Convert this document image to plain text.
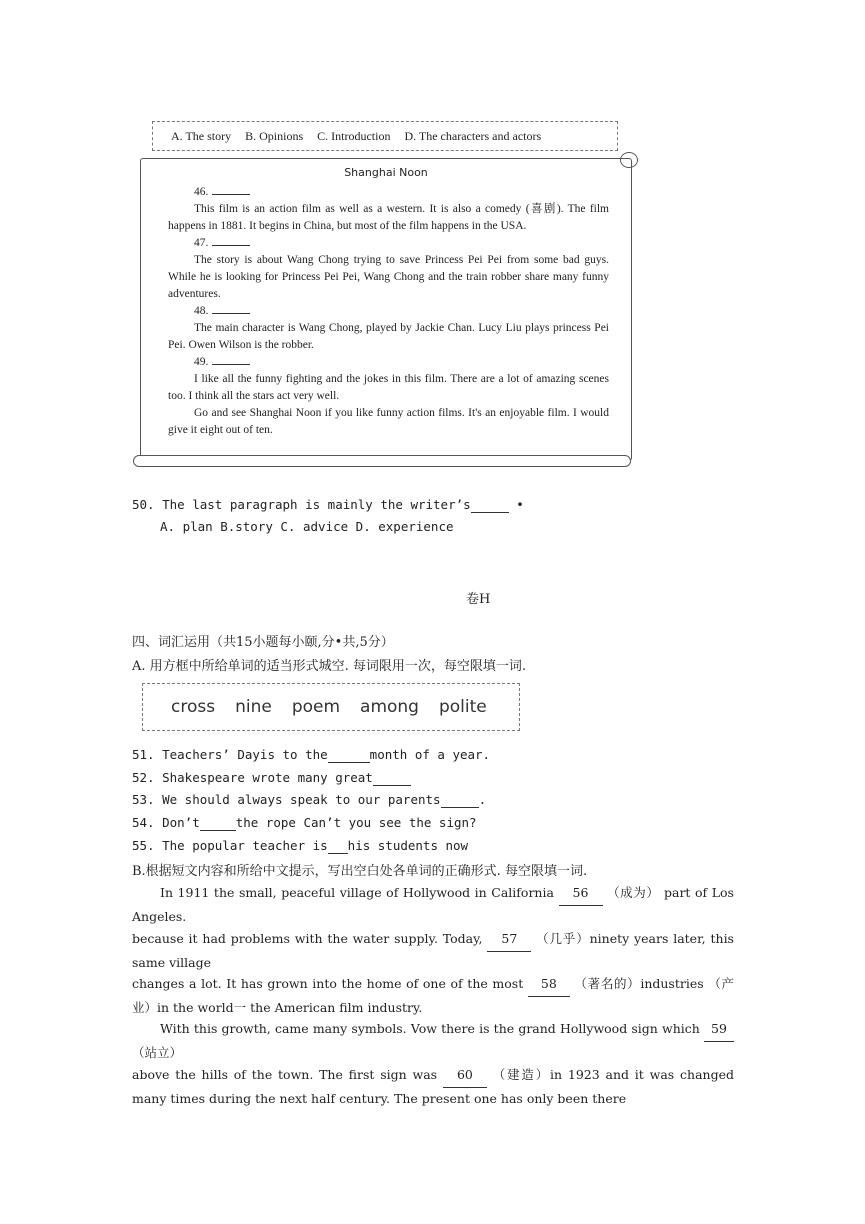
A. The story B. Opinions C. Introduction D. The characters and actors
Shanghai Noon
46.
This film is an action film as well as a western. It is also a comedy (喜剧). The film happens in 1881. It begins in China, but most of the film happens in the USA.
47.
The story is about Wang Chong trying to save Princess Pei Pei from some bad guys. While he is looking for Princess Pei Pei, Wang Chong and the train robber share many funny adventures.
48.
The main character is Wang Chong, played by Jackie Chan. Lucy Liu plays princess Pei Pei. Owen Wilson is the robber.
49.
I like all the funny fighting and the jokes in this film. There are a lot of amazing scenes too. I think all the stars act very well.
Go and see Shanghai Noon if you like funny action films. It's an enjoyable film. I would give it eight out of ten.
50. The last paragraph is mainly the writer’s	•
A. plan B.story C. advice D. experience
卷H
四、词汇运用（共15小题每小颐,分•共,5分）
A. 用方框中所给单词的适当形式城空. 每词限用一次，每空限填一词.
cross nine poem among polite
51. Teachers’ Dayis to the	month of a year.
52. Shakespeare wrote many great
53. We should always speak to our parents	.
54. Don’t	the rope Can’t you see the sign?
55. The popular teacher is his students now
B.根据短文内容和所给中文提示，写出空白处各单词的正确形式. 每空限填一词.
In 1911 the small, peaceful village of Hollywood in California 56 （成为） part of Los Angeles.
because it had problems with the water supply. Today, 57 （几乎）ninety years later, this same village
changes a lot. It has grown into the home of one of the most 58 （著名的）industries （产业）in the world一 the American film industry.
With this growth, came many symbols. Vow there is the grand Hollywood sign which 59 （站立）
above the hills of the town. The first sign was 60 （建造）in 1923 and it was changed many times during the next half century. The present one has only been there
